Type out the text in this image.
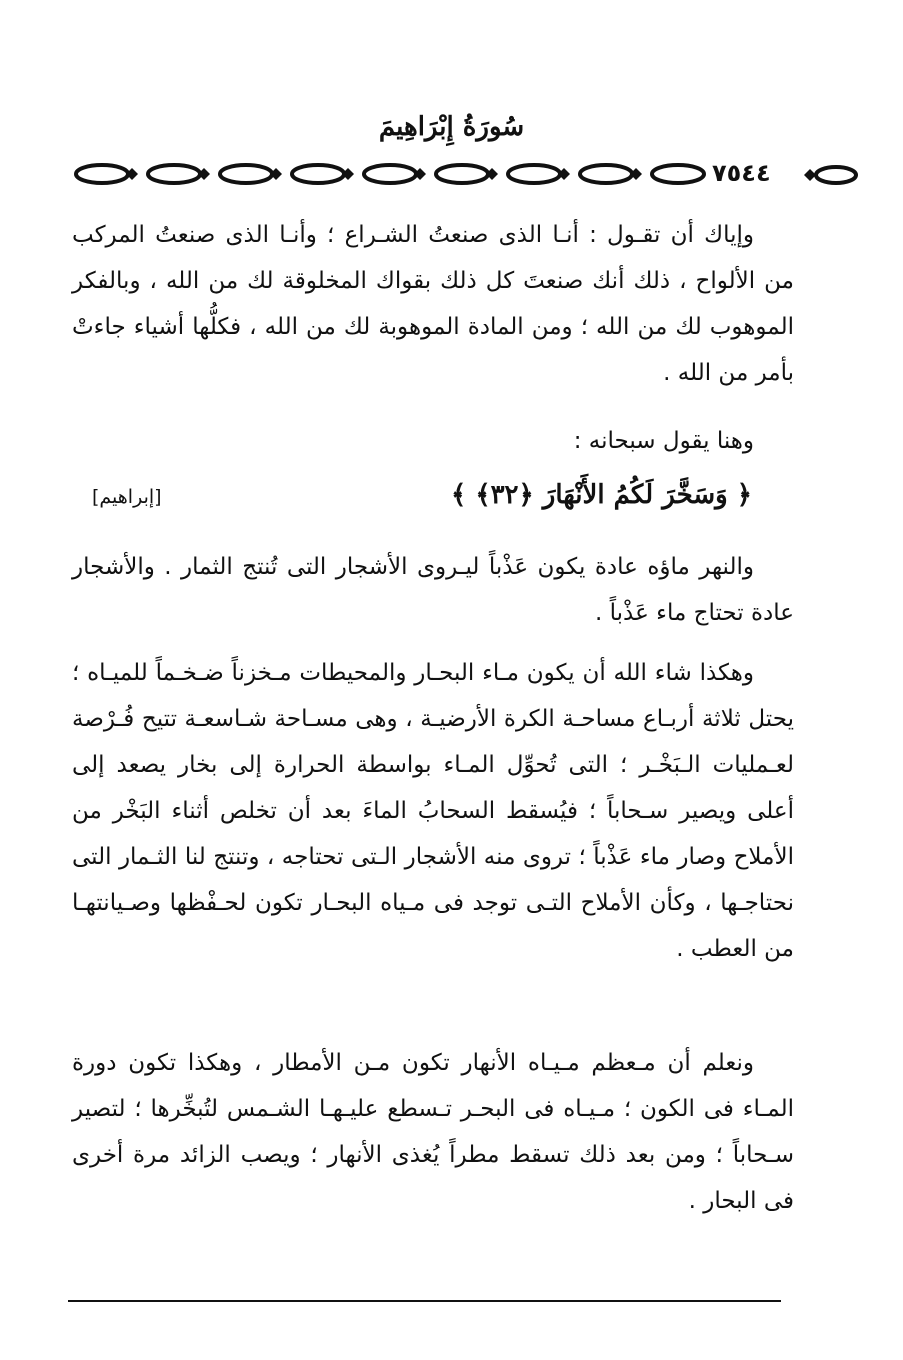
سُورَةُ إِبْرَاهِيمَ
٧٥٤٤
وإياك أن تقـول : أنـا الذى صنعتُ الشـراع ؛ وأنـا الذى صنعتُ المركب من الألواح ، ذلك أنك صنعتَ كل ذلك بقواك المخلوقة لك من الله ، وبالفكر الموهوب لك من الله ؛ ومن المادة الموهوبة لك من الله ، فكلُّها أشياء جاءتْ بأمر من الله .
وهنا يقول سبحانه :
﴿ وَسَخَّرَ لَكُمُ الأَنْهَارَ ﴿٣٢﴾ ﴾
[إبراهيم]
والنهر ماؤه عادة يكون عَذْباً ليـروى الأشجار التى تُنتج الثمار . والأشجار عادة تحتاج ماء عَذْباً .
وهكذا شاء الله أن يكون مـاء البحـار والمحيطات مـخزناً ضـخـماً للميـاه ؛ يحتل ثلاثة أربـاع مساحـة الكرة الأرضيـة ، وهى مسـاحة شـاسعـة تتيح فُـرْصة لعـمليات الـبَخْـر ؛ التى تُحوِّل المـاء بواسطة الحرارة إلى بخار يصعد إلى أعلى ويصير سـحاباً ؛ فيُسقط السحابُ الماءَ بعد أن تخلص أثناء البَخْر من الأملاح وصار ماء عَذْباً ؛ تروى منه الأشجار الـتى تحتاجه ، وتنتج لنا الثـمار التى نحتاجـها ، وكأن الأملاح التـى توجد فى مـياه البحـار تكون لحـفْظها وصـيانتهـا من العطب .
ونعلم أن مـعظم مـيـاه الأنهار تكون مـن الأمطار ، وهكذا تكون دورة المـاء فى الكون ؛ مـيـاه فى البحـر تـسطع عليـهـا الشـمس لتُبخِّرها ؛ لتصير سـحاباً ؛ ومن بعد ذلك تسقط مطراً يُغذى الأنهار ؛ ويصب الزائد مرة أخرى فى البحار .
